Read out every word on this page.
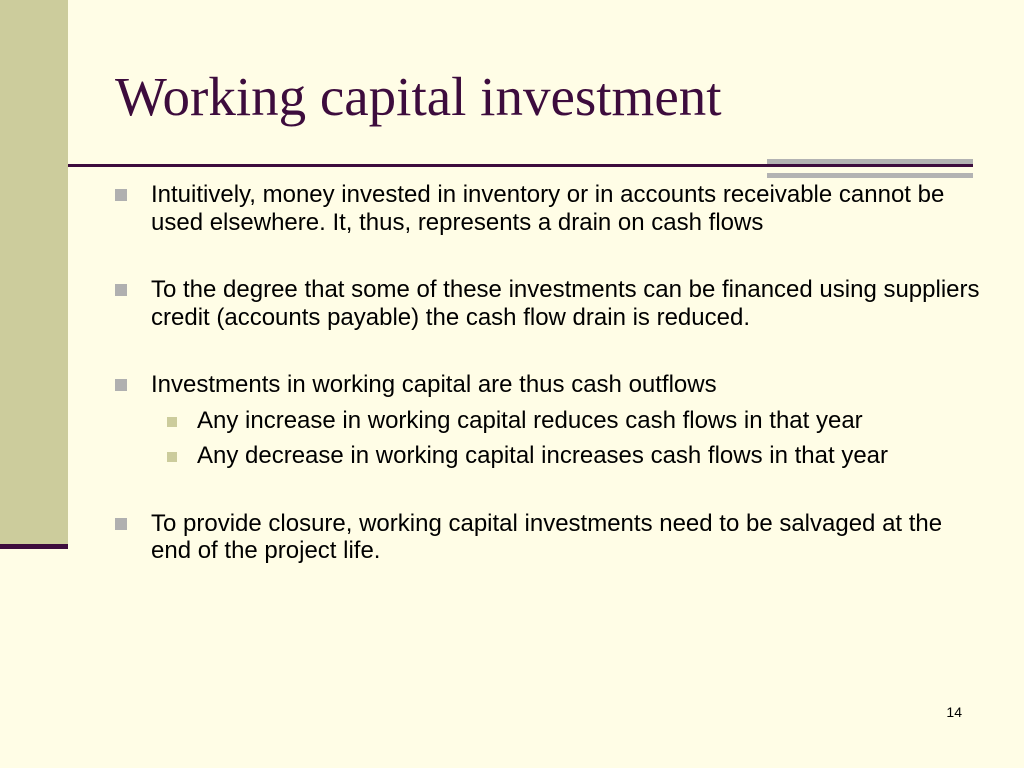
Working capital investment
Intuitively, money invested in inventory or in accounts receivable cannot be used elsewhere. It, thus, represents a drain on cash flows
To the degree that some of these investments can be financed using suppliers credit (accounts payable) the cash flow drain is reduced.
Investments in working capital are thus cash outflows
Any increase in working capital reduces cash flows in that year
Any decrease in working capital increases cash flows in that year
To provide closure, working capital investments need to be salvaged at the end of the project life.
14
